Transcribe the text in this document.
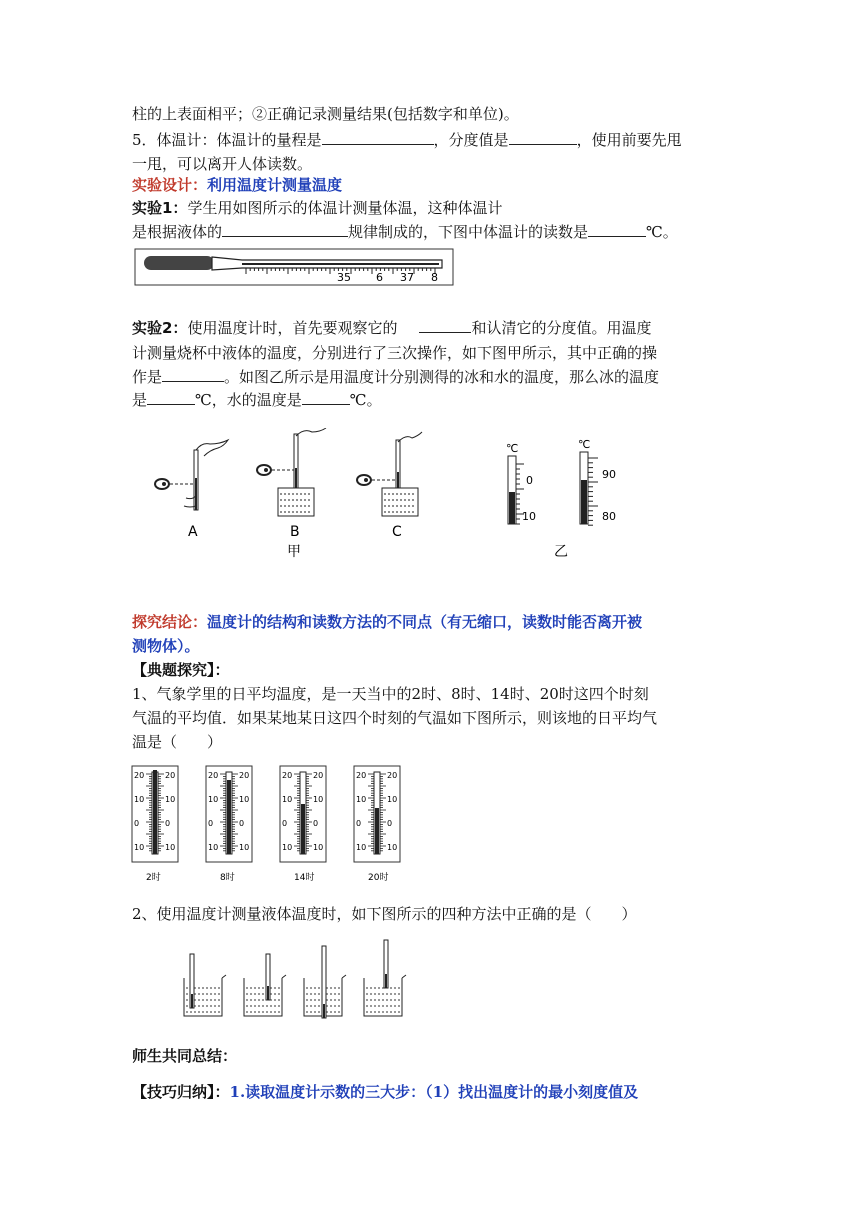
柱的上表面相平；②正确记录测量结果(包括数字和单位)。
5．体温计：体温计的量程是	，分度值是	，使用前要先甩
一甩，可以离开人体读数。
实验设计：利用温度计测量温度
实验1：学生用如图所示的体温计测量体温，这种体温计
是根据液体的	规律制成的，下图中体温计的读数是	℃。
35 6 37 8
实验2：使用温度计时，首先要观察它的	和认清它的分度值。用温度
计测量烧杯中液体的温度，分别进行了三次操作，如下图甲所示，其中正确的操
作是	。如图乙所示是用温度计分别测得的冰和水的温度，那么冰的温度
是	℃，水的温度是	℃。
A	B	C
甲
℃
0
10
℃
90
80
乙
探究结论：温度计的结构和读数方法的不同点（有无缩口，读数时能否离开被
测物体）。
【典题探究】：
1、气象学里的日平均温度，是一天当中的2时、8时、14时、20时这四个时刻
气温的平均值．如果某地某日这四个时刻的气温如下图所示，则该地的日平均气
温是（　　）
20	20
10	10
0	0
10	10
2时
20	20
10	10
0	0
10	10
8时
20	20
10	10
0	0
10	10
14时
20	20
10	10
0	0
10	10
20时
2、使用温度计测量液体温度时，如下图所示的四种方法中正确的是（　　）
师生共同总结：
【技巧归纳】：1.读取温度计示数的三大步：（1）找出温度计的最小刻度值及
